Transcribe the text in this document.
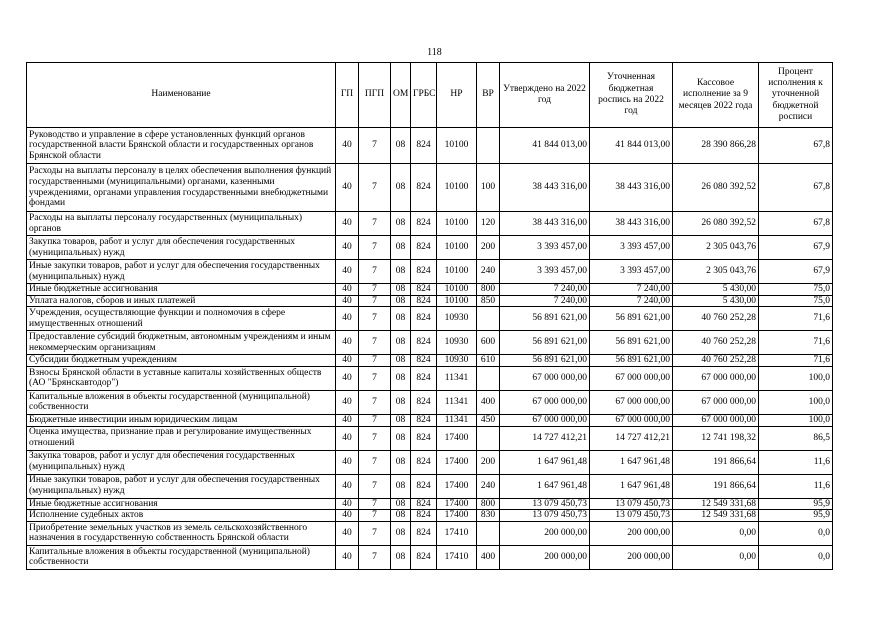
118
Наименование	ГП	ПГП	ОМ	ГРБС	НР	ВР	Утверждено на 2022 год	Уточненная бюджетная роспись на 2022 год	Кассовое исполнение за 9 месяцев 2022 года	Процент исполнения к уточненной бюджетной росписи
Руководство и управление в сфере установленных функций органов государственной власти Брянской области и государственных органов Брянской области	40	7	08	824	10100		41 844 013,00	41 844 013,00	28 390 866,28	67,8
Расходы на выплаты персоналу в целях обеспечения выполнения функций государственными (муниципальными) органами, казенными учреждениями, органами управления государственными внебюджетными фондами	40	7	08	824	10100	100	38 443 316,00	38 443 316,00	26 080 392,52	67,8
Расходы на выплаты персоналу государственных (муниципальных) органов	40	7	08	824	10100	120	38 443 316,00	38 443 316,00	26 080 392,52	67,8
Закупка товаров, работ и услуг для обеспечения государственных (муниципальных) нужд	40	7	08	824	10100	200	3 393 457,00	3 393 457,00	2 305 043,76	67,9
Иные закупки товаров, работ и услуг для обеспечения государственных (муниципальных) нужд	40	7	08	824	10100	240	3 393 457,00	3 393 457,00	2 305 043,76	67,9
Иные бюджетные ассигнования	40	7	08	824	10100	800	7 240,00	7 240,00	5 430,00	75,0
Уплата налогов, сборов и иных платежей	40	7	08	824	10100	850	7 240,00	7 240,00	5 430,00	75,0
Учреждения, осуществляющие функции и полномочия в сфере имущественных отношений	40	7	08	824	10930		56 891 621,00	56 891 621,00	40 760 252,28	71,6
Предоставление субсидий бюджетным, автономным учреждениям и иным некоммерческим организациям	40	7	08	824	10930	600	56 891 621,00	56 891 621,00	40 760 252,28	71,6
Субсидии бюджетным учреждениям	40	7	08	824	10930	610	56 891 621,00	56 891 621,00	40 760 252,28	71,6
Взносы Брянской области в уставные капиталы хозяйственных обществ (АО "Брянскавтодор")	40	7	08	824	11341		67 000 000,00	67 000 000,00	67 000 000,00	100,0
Капитальные вложения в объекты государственной (муниципальной) собственности	40	7	08	824	11341	400	67 000 000,00	67 000 000,00	67 000 000,00	100,0
Бюджетные инвестиции иным юридическим лицам	40	7	08	824	11341	450	67 000 000,00	67 000 000,00	67 000 000,00	100,0
Оценка имущества, признание прав и регулирование имущественных отношений	40	7	08	824	17400		14 727 412,21	14 727 412,21	12 741 198,32	86,5
Закупка товаров, работ и услуг для обеспечения государственных (муниципальных) нужд	40	7	08	824	17400	200	1 647 961,48	1 647 961,48	191 866,64	11,6
Иные закупки товаров, работ и услуг для обеспечения государственных (муниципальных) нужд	40	7	08	824	17400	240	1 647 961,48	1 647 961,48	191 866,64	11,6
Иные бюджетные ассигнования	40	7	08	824	17400	800	13 079 450,73	13 079 450,73	12 549 331,68	95,9
Исполнение судебных актов	40	7	08	824	17400	830	13 079 450,73	13 079 450,73	12 549 331,68	95,9
Приобретение земельных участков из земель сельскохозяйственного назначения в государственную собственность Брянской области	40	7	08	824	17410		200 000,00	200 000,00	0,00	0,0
Капитальные вложения в объекты государственной (муниципальной) собственности	40	7	08	824	17410	400	200 000,00	200 000,00	0,00	0,0
